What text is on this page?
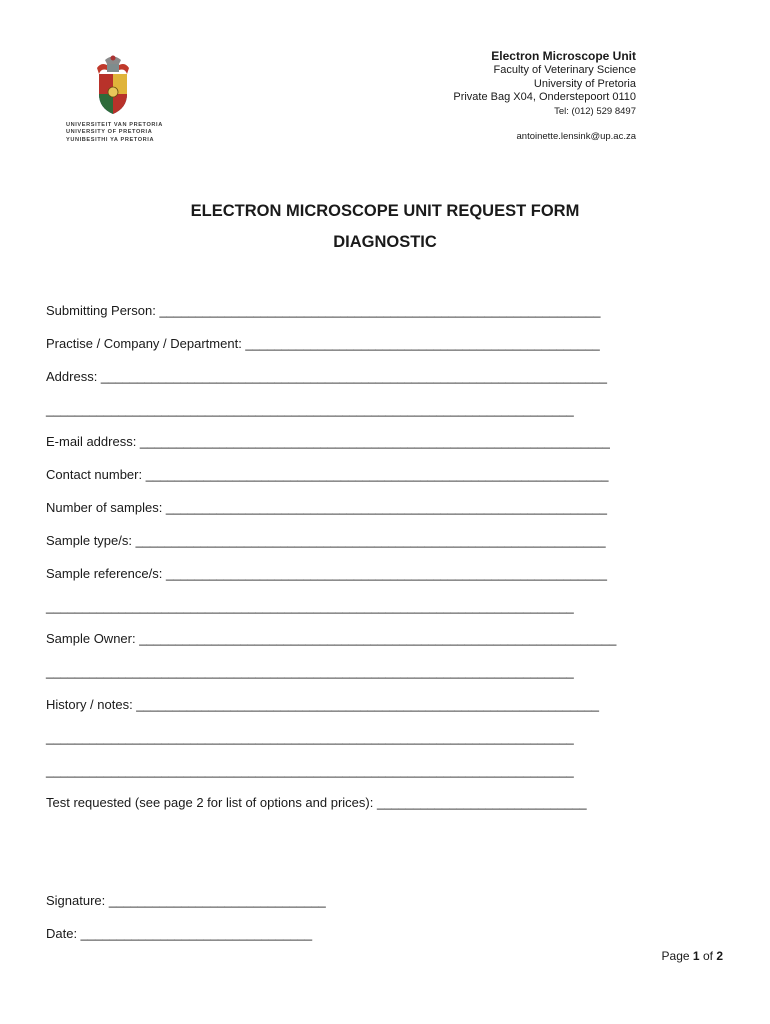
UNIVERSITEIT VAN PRETORIA
UNIVERSITY OF PRETORIA
YUNIBESITHI YA PRETORIA
Electron Microscope Unit
Faculty of Veterinary Science
University of Pretoria
Private Bag X04, Onderstepoort 0110
Tel: (012) 529 8497
antoinette.lensink@up.ac.za
ELECTRON MICROSCOPE UNIT REQUEST FORM
DIAGNOSTIC
Submitting Person: _____________________________________________________________
Practise / Company / Department: _________________________________________________
Address: ______________________________________________________________________
_________________________________________________________________________
E-mail address: _________________________________________________________________
Contact number: ________________________________________________________________
Number of samples: _____________________________________________________________
Sample type/s: _________________________________________________________________
Sample reference/s: _____________________________________________________________
_________________________________________________________________________
Sample Owner: __________________________________________________________________
_________________________________________________________________________
History / notes: ________________________________________________________________
_________________________________________________________________________
_________________________________________________________________________
Test requested (see page 2 for list of options and prices): _____________________________
Signature: ______________________________
Date: ________________________________
Page 1 of 2
